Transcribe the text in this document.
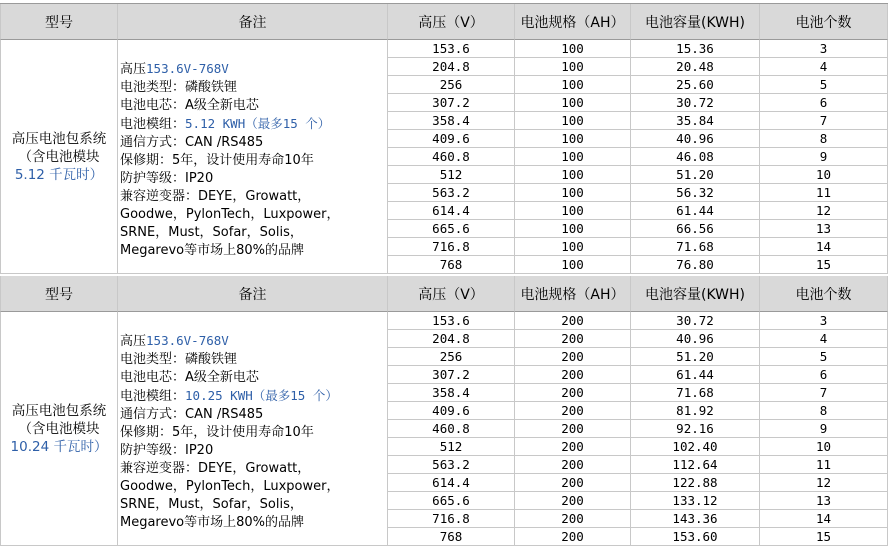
型号	备注	高压（V）	电池规格（AH）	电池容量(KWH)	电池个数
高压电池包系统
（含电池模块
5.12 千瓦时）
高压153.6V-768V
电池类型：磷酸铁锂
电池电芯：A级全新电芯
电池模组：5.12 KWH（最多15 个）
通信方式：CAN /RS485
保修期：5年，设计使用寿命10年
防护等级：IP20
兼容逆变器：DEYE，Growatt，
Goodwe，PylonTech，Luxpower，
SRNE，Must，Sofar，Solis，
Megarevo等市场上80%的品牌
153.6	100	15.36	3
204.8	100	20.48	4
256	100	25.60	5
307.2	100	30.72	6
358.4	100	35.84	7
409.6	100	40.96	8
460.8	100	46.08	9
512	100	51.20	10
563.2	100	56.32	11
614.4	100	61.44	12
665.6	100	66.56	13
716.8	100	71.68	14
768	100	76.80	15
型号	备注	高压（V）	电池规格（AH）	电池容量(KWH)	电池个数
高压电池包系统
（含电池模块
10.24 千瓦时）
高压153.6V-768V
电池类型：磷酸铁锂
电池电芯：A级全新电芯
电池模组：10.25 KWH（最多15 个）
通信方式：CAN /RS485
保修期：5年，设计使用寿命10年
防护等级：IP20
兼容逆变器：DEYE，Growatt，
Goodwe，PylonTech，Luxpower，
SRNE，Must，Sofar，Solis，
Megarevo等市场上80%的品牌
153.6	200	30.72	3
204.8	200	40.96	4
256	200	51.20	5
307.2	200	61.44	6
358.4	200	71.68	7
409.6	200	81.92	8
460.8	200	92.16	9
512	200	102.40	10
563.2	200	112.64	11
614.4	200	122.88	12
665.6	200	133.12	13
716.8	200	143.36	14
768	200	153.60	15
